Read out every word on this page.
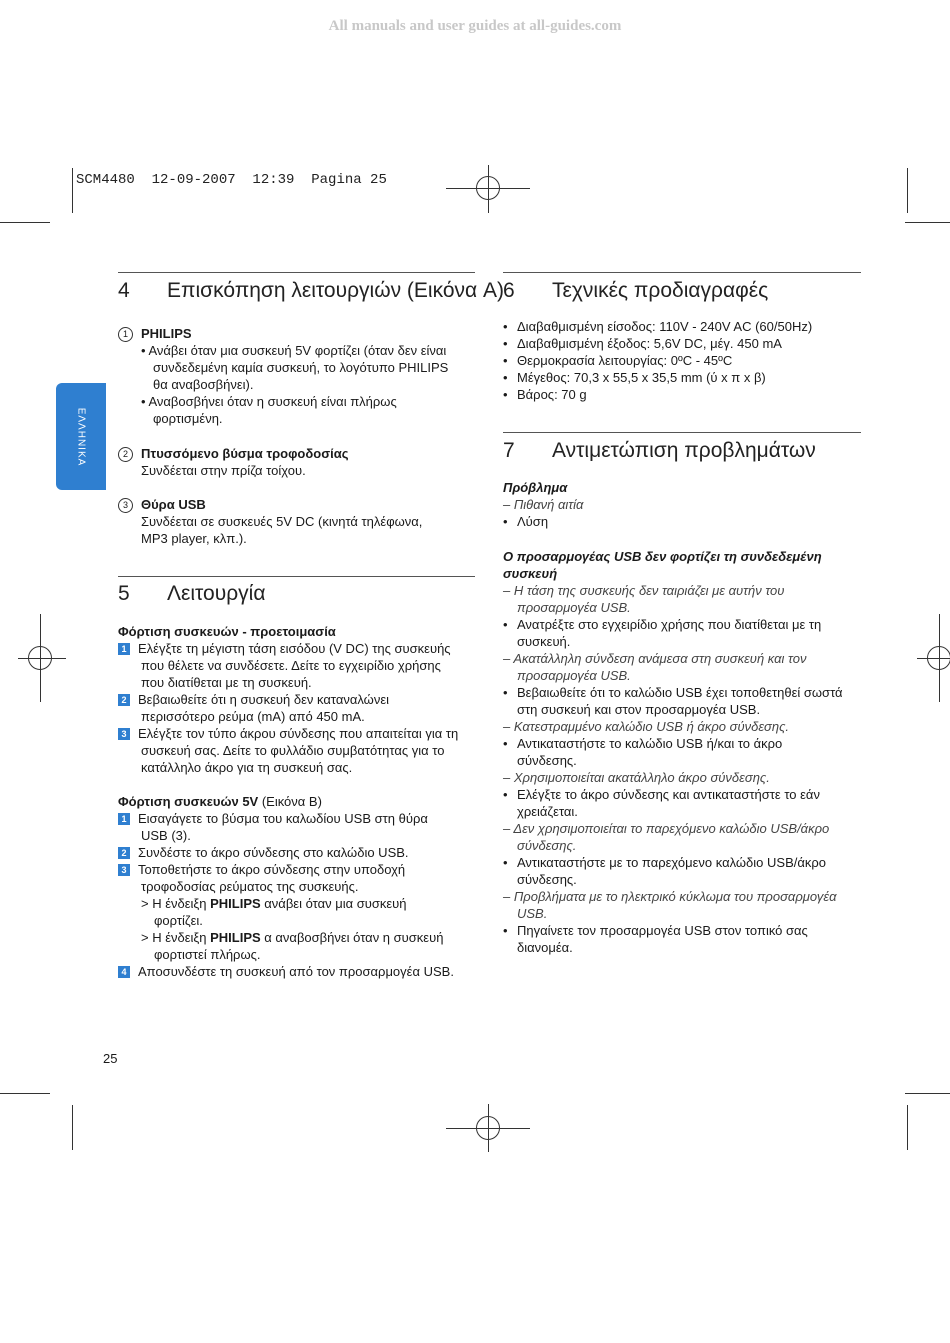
All manuals and user guides at all-guides.com
SCM4480  12-09-2007  12:39  Pagina 25
ΕΛΛΗΝΙΚΑ
4 Επισκόπηση λειτουργιών (Εικόνα A)
1 PHILIPS
• Ανάβει όταν μια συσκευή 5V φορτίζει (όταν δεν είναι
συνδεδεμένη καμία συσκευή, το λογότυπο PHILIPS
θα αναβοσβήνει).
• Αναβοσβήνει όταν η συσκευή είναι πλήρως
φορτισμένη.
2 Πτυσσόμενο βύσμα τροφοδοσίας
Συνδέεται στην πρίζα τοίχου.
3 Θύρα USB
Συνδέεται σε συσκευές 5V DC (κινητά τηλέφωνα,
MP3 player, κλπ.).
5 Λειτουργία
Φόρτιση συσκευών - προετοιμασία
1 Ελέγξτε τη μέγιστη τάση εισόδου (V DC) της συσκευής
που θέλετε να συνδέσετε. Δείτε το εγχειρίδιο χρήσης
που διατίθεται με τη συσκευή.
2 Βεβαιωθείτε ότι η συσκευή δεν καταναλώνει
περισσότερο ρεύμα (mA) από 450 mA.
3 Ελέγξτε τον τύπο άκρου σύνδεσης που απαιτείται για τη
συσκευή σας. Δείτε το φυλλάδιο συμβατότητας για το
κατάλληλο άκρο για τη συσκευή σας.
Φόρτιση συσκευών 5V (Εικόνα B)
1 Εισαγάγετε το βύσμα του καλωδίου USB στη θύρα
USB (3).
2 Συνδέστε το άκρο σύνδεσης στο καλώδιο USB.
3 Τοποθετήστε το άκρο σύνδεσης στην υποδοχή
τροφοδοσίας ρεύματος της συσκευής.
> Η ένδειξη PHILIPS ανάβει όταν μια συσκευή
φορτίζει.
> Η ένδειξη PHILIPS α αναβοσβήνει όταν η συσκευή
φορτιστεί πλήρως.
4 Αποσυνδέστε τη συσκευή από τον προσαρμογέα USB.
25
6 Τεχνικές προδιαγραφές
• Διαβαθμισμένη είσοδος: 110V - 240V AC (60/50Hz)
• Διαβαθμισμένη έξοδος: 5,6V DC, μέγ. 450 mA
• Θερμοκρασία λειτουργίας: 0ºC - 45ºC
• Μέγεθος: 70,3 x 55,5 x 35,5 mm (ύ x π x β)
• Βάρος: 70 g
7 Αντιμετώπιση προβλημάτων
Πρόβλημα
– Πιθανή αιτία
• Λύση
Ο προσαρμογέας USB δεν φορτίζει τη συνδεδεμένη
συσκευή
– Η τάση της συσκευής δεν ταιριάζει με αυτήν του
προσαρμογέα USB.
• Ανατρέξτε στο εγχειρίδιο χρήσης που διατίθεται με τη
συσκευή.
– Ακατάλληλη σύνδεση ανάμεσα στη συσκευή και τον
προσαρμογέα USB.
• Βεβαιωθείτε ότι το καλώδιο USB έχει τοποθετηθεί σωστά
στη συσκευή και στον προσαρμογέα USB.
– Κατεστραμμένο καλώδιο USB ή άκρο σύνδεσης.
• Αντικαταστήστε το καλώδιο USB ή/και το άκρο
σύνδεσης.
– Χρησιμοποιείται ακατάλληλο άκρο σύνδεσης.
• Ελέγξτε το άκρο σύνδεσης και αντικαταστήστε το εάν
χρειάζεται.
– Δεν χρησιμοποιείται το παρεχόμενο καλώδιο USB/άκρο
σύνδεσης.
• Αντικαταστήστε με το παρεχόμενο καλώδιο USB/άκρο
σύνδεσης.
– Προβλήματα με το ηλεκτρικό κύκλωμα του προσαρμογέα
USB.
• Πηγαίνετε τον προσαρμογέα USB στον τοπικό σας
διανομέα.
